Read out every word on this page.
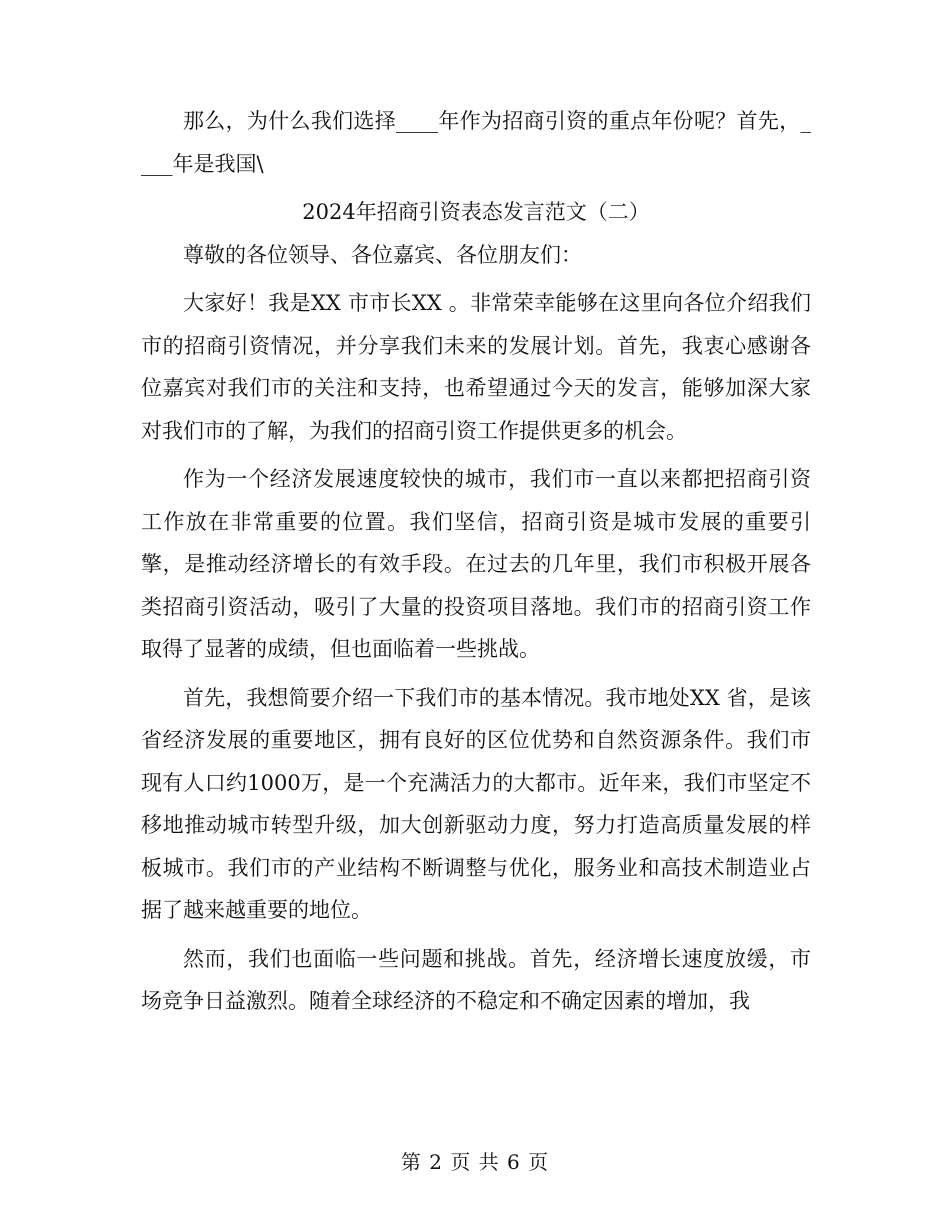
那么，为什么我们选择____年作为招商引资的重点年份呢？首先，____年是我国\

2024年招商引资表态发言范文（二）

尊敬的各位领导、各位嘉宾、各位朋友们：

大家好！我是XX 市市长XX 。非常荣幸能够在这里向各位介绍我们市的招商引资情况，并分享我们未来的发展计划。首先，我衷心感谢各位嘉宾对我们市的关注和支持，也希望通过今天的发言，能够加深大家对我们市的了解，为我们的招商引资工作提供更多的机会。

作为一个经济发展速度较快的城市，我们市一直以来都把招商引资工作放在非常重要的位置。我们坚信，招商引资是城市发展的重要引擎，是推动经济增长的有效手段。在过去的几年里，我们市积极开展各类招商引资活动，吸引了大量的投资项目落地。我们市的招商引资工作取得了显著的成绩，但也面临着一些挑战。

首先，我想简要介绍一下我们市的基本情况。我市地处XX 省，是该省经济发展的重要地区，拥有良好的区位优势和自然资源条件。我们市现有人口约1000万，是一个充满活力的大都市。近年来，我们市坚定不移地推动城市转型升级，加大创新驱动力度，努力打造高质量发展的样板城市。我们市的产业结构不断调整与优化，服务业和高技术制造业占据了越来越重要的地位。

然而，我们也面临一些问题和挑战。首先，经济增长速度放缓，市场竞争日益激烈。随着全球经济的不稳定和不确定因素的增加，我

第 2 页 共 6 页
